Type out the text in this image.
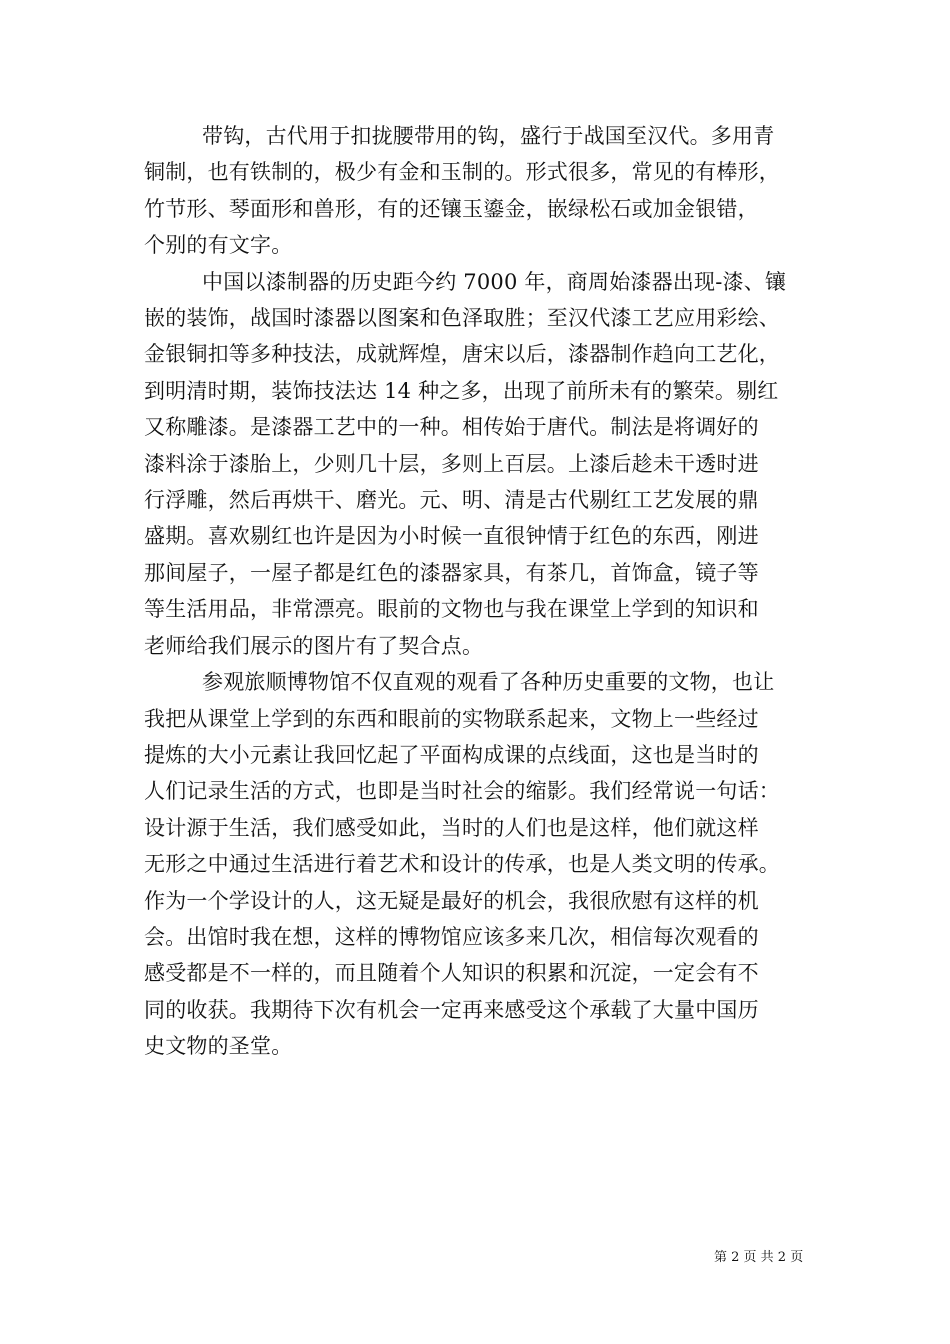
带钩，古代用于扣拢腰带用的钩，盛行于战国至汉代。多用青
铜制，也有铁制的，极少有金和玉制的。形式很多，常见的有棒形，
竹节形、琴面形和兽形，有的还镶玉鎏金，嵌绿松石或加金银错，
个别的有文字。
中国以漆制器的历史距今约 7000 年，商周始漆器出现-漆、镶
嵌的装饰，战国时漆器以图案和色泽取胜；至汉代漆工艺应用彩绘、
金银铜扣等多种技法，成就辉煌，唐宋以后，漆器制作趋向工艺化，
到明清时期，装饰技法达 14 种之多，出现了前所未有的繁荣。剔红
又称雕漆。是漆器工艺中的一种。相传始于唐代。制法是将调好的
漆料涂于漆胎上，少则几十层，多则上百层。上漆后趁未干透时进
行浮雕，然后再烘干、磨光。元、明、清是古代剔红工艺发展的鼎
盛期。喜欢剔红也许是因为小时候一直很钟情于红色的东西，刚进
那间屋子，一屋子都是红色的漆器家具，有茶几，首饰盒，镜子等
等生活用品，非常漂亮。眼前的文物也与我在课堂上学到的知识和
老师给我们展示的图片有了契合点。
参观旅顺博物馆不仅直观的观看了各种历史重要的文物，也让
我把从课堂上学到的东西和眼前的实物联系起来，文物上一些经过
提炼的大小元素让我回忆起了平面构成课的点线面，这也是当时的
人们记录生活的方式，也即是当时社会的缩影。我们经常说一句话：
设计源于生活，我们感受如此，当时的人们也是这样，他们就这样
无形之中通过生活进行着艺术和设计的传承，也是人类文明的传承。
作为一个学设计的人，这无疑是最好的机会，我很欣慰有这样的机
会。出馆时我在想，这样的博物馆应该多来几次，相信每次观看的
感受都是不一样的，而且随着个人知识的积累和沉淀，一定会有不
同的收获。我期待下次有机会一定再来感受这个承载了大量中国历
史文物的圣堂。
第 2 页 共 2 页
